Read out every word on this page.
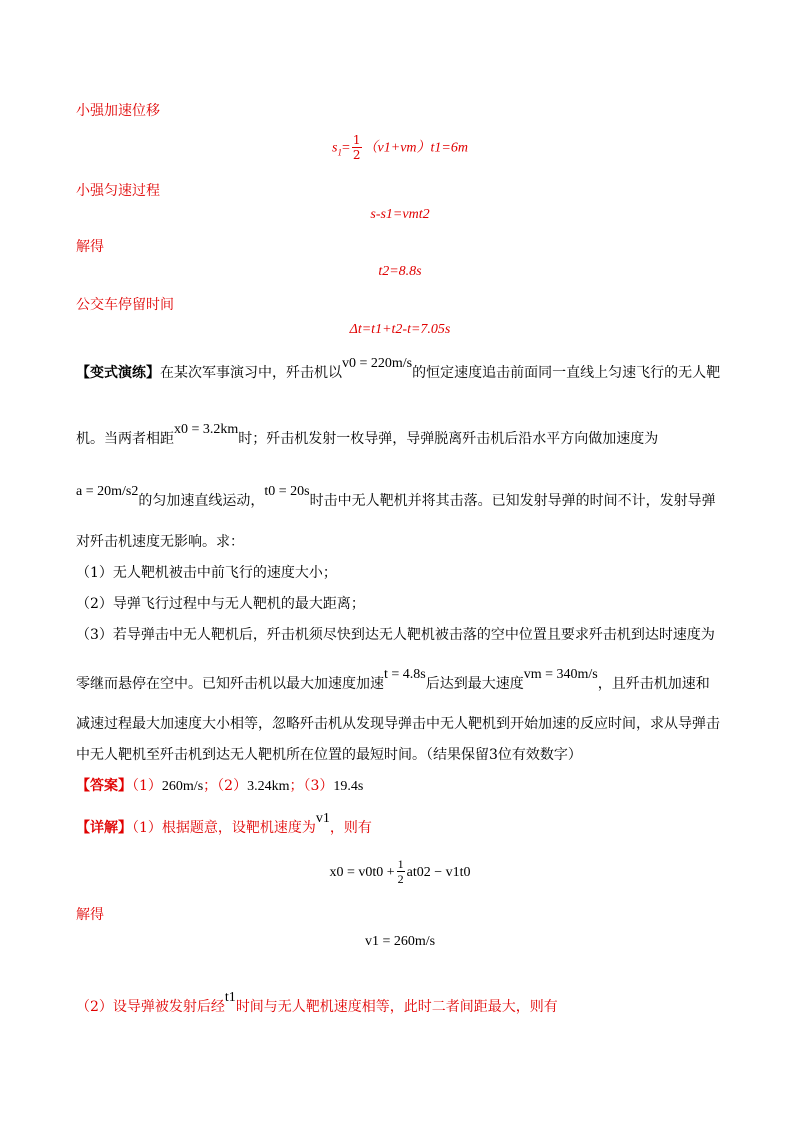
小强加速位移
$s_1= \frac{1}{2} (v1+vm)t1=6m$
小强匀速过程
s-s1=vmt2
解得
t2=8.8s
公交车停留时间
Δt=t1+t2-t=7.05s
【变式演练】在某次军事演习中，歼击机以v0 = 220m/s的恒定速度追击前面同一直线上匀速飞行的无人靶
机。当两者相距x0 = 3.2km时；歼击机发射一枚导弹，导弹脱离歼击机后沿水平方向做加速度为
a = 20m/s2的匀加速直线运动，t0 = 20s时击中无人靶机并将其击落。已知发射导弹的时间不计，发射导弹
对歼击机速度无影响。求：
（1）无人靶机被击中前飞行的速度大小；
（2）导弹飞行过程中与无人靶机的最大距离；
（3）若导弹击中无人靶机后，歼击机须尽快到达无人靶机被击落的空中位置且要求歼击机到达时速度为
零继而悬停在空中。已知歼击机以最大加速度加速t = 4.8s后达到最大速度vm = 340m/s，且歼击机加速和
减速过程最大加速度大小相等，忽略歼击机从发现导弹击中无人靶机到开始加速的反应时间，求从导弹击
中无人靶机至歼击机到达无人靶机所在位置的最短时间。（结果保留3位有效数字）
【答案】（1）260m/s；（2）3.24km；（3）19.4s
【详解】（1）根据题意，设靶机速度为v1，则有
$x0 = v0t0 + \frac{1}{2} at02 - v1t0$
解得
v1 = 260m/s
（2）设导弹被发射后经t1时间与无人靶机速度相等，此时二者间距最大，则有
